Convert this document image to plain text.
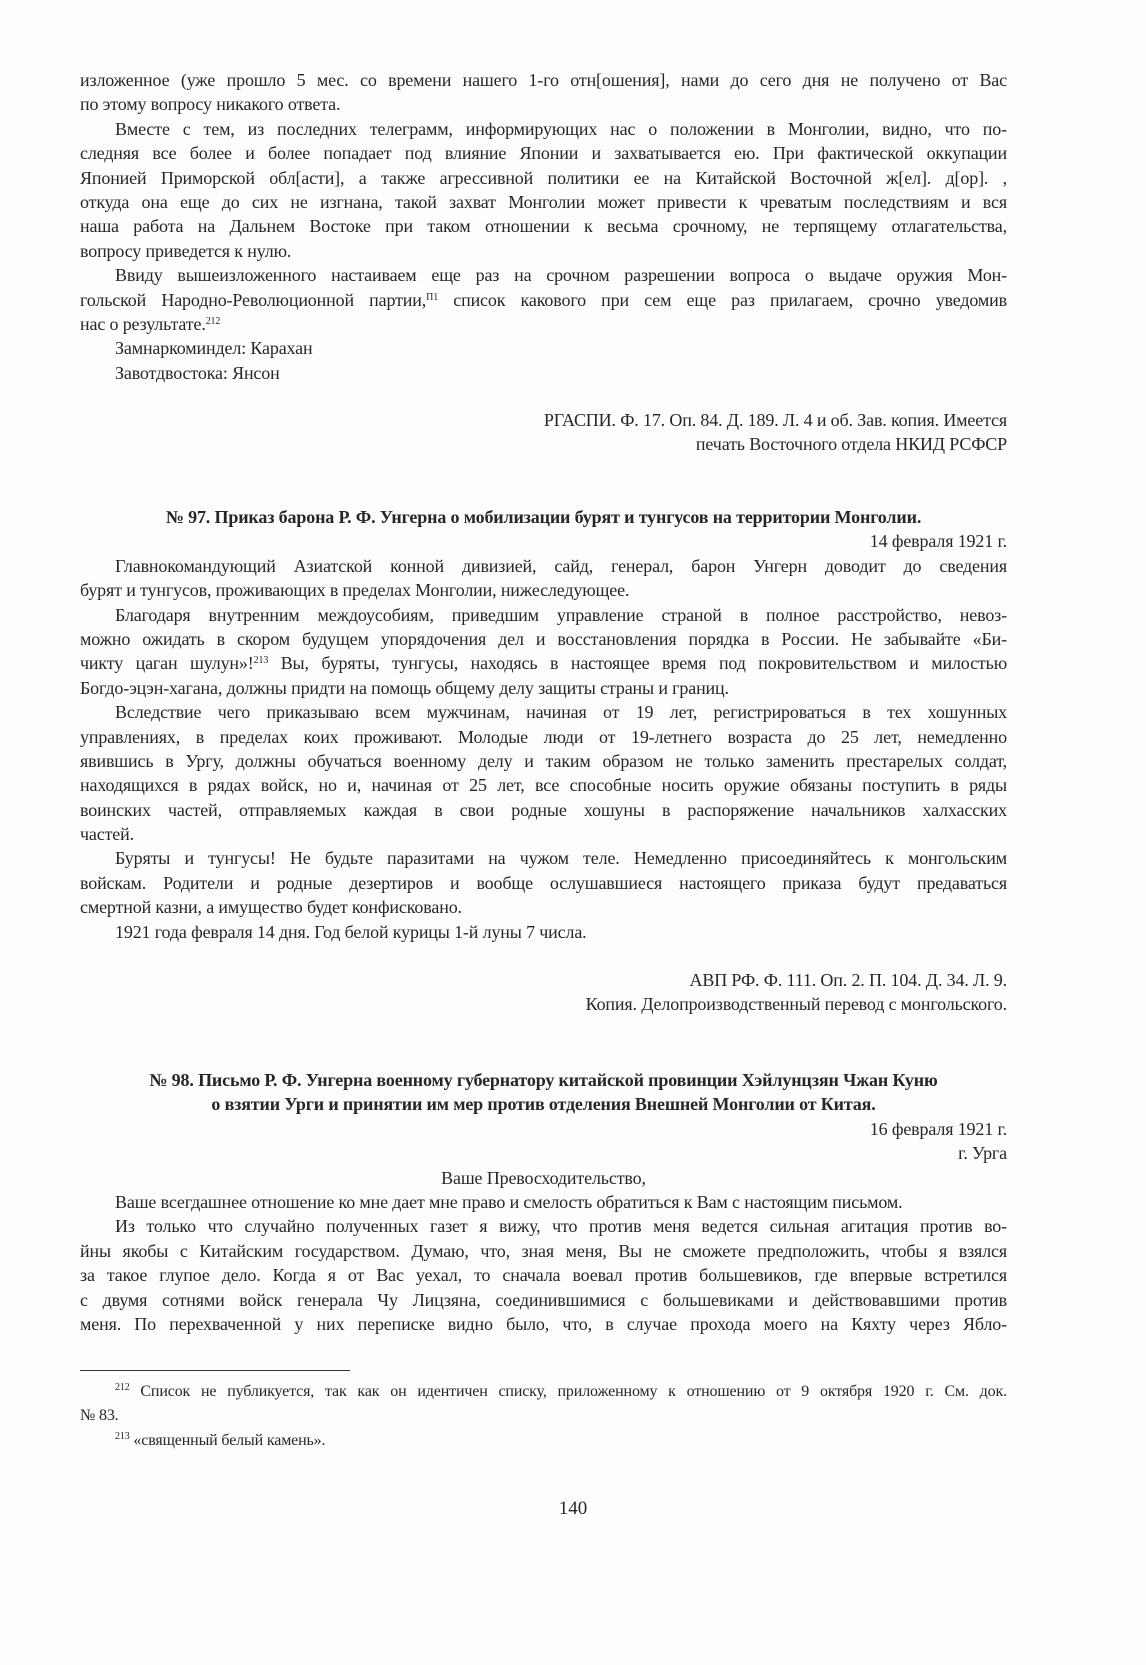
изложенное (уже прошло 5 мес. со времени нашего 1-го отн[ошения], нами до сего дня не получено от Вас
по этому вопросу никакого ответа.
Вместе с тем, из последних телеграмм, информирующих нас о положении в Монголии, видно, что по-
следняя все более и более попадает под влияние Японии и захватывается ею. При фактической оккупации
Японией Приморской обл[асти], а также агрессивной политики ее на Китайской Восточной ж[ел]. д[ор]. ,
откуда она еще до сих не изгнана, такой захват Монголии может привести к чреватым последствиям и вся
наша работа на Дальнем Востоке при таком отношении к весьма срочному, не терпящему отлагательства,
вопросу приведется к нулю.
Ввиду вышеизложенного настаиваем еще раз на срочном разрешении вопроса о выдаче оружия Мон-
гольской Народно-Революционной партии,$^{П1}$ список какового при сем еще раз прилагаем, срочно уведомив
нас о результате.$^{212}$
Замнаркоминдел: Карахан
Завотдвостока: Янсон
РГАСПИ. Ф. 17. Оп. 84. Д. 189. Л. 4 и об. Зав. копия. Имеется
печать Восточного отдела НКИД РСФСР
№ 97. Приказ барона Р. Ф. Унгерна о мобилизации бурят и тунгусов на территории Монголии.
14 февраля 1921 г.
Главнокомандующий Азиатской конной дивизией, сайд, генерал, барон Унгерн доводит до сведения
бурят и тунгусов, проживающих в пределах Монголии, нижеследующее.
Благодаря внутренним междоусобиям, приведшим управление страной в полное расстройство, невоз-
можно ожидать в скором будущем упорядочения дел и восстановления порядка в России. Не забывайте «Би-
чикту цаган шулун»!$^{213}$ Вы, буряты, тунгусы, находясь в настоящее время под покровительством и милостью
Богдо-эцэн-хагана, должны придти на помощь общему делу защиты страны и границ.
Вследствие чего приказываю всем мужчинам, начиная от 19 лет, регистрироваться в тех хошунных
управлениях, в пределах коих проживают. Молодые люди от 19-летнего возраста до 25 лет, немедленно
явившись в Ургу, должны обучаться военному делу и таким образом не только заменить престарелых солдат,
находящихся в рядах войск, но и, начиная от 25 лет, все способные носить оружие обязаны поступить в ряды
воинских частей, отправляемых каждая в свои родные хошуны в распоряжение начальников халхасских
частей.
Буряты и тунгусы! Не будьте паразитами на чужом теле. Немедленно присоединяйтесь к монгольским
войскам. Родители и родные дезертиров и вообще ослушавшиеся настоящего приказа будут предаваться
смертной казни, а имущество будет конфисковано.
1921 года февраля 14 дня. Год белой курицы 1-й луны 7 числа.
АВП РФ. Ф. 111. Оп. 2. П. 104. Д. 34. Л. 9.
Копия. Делопроизводственный перевод с монгольского.
№ 98. Письмо Р. Ф. Унгерна военному губернатору китайской провинции Хэйлунцзян Чжан Куню
о взятии Урги и принятии им мер против отделения Внешней Монголии от Китая.
16 февраля 1921 г.
г. Урга
Ваше Превосходительство,
Ваше всегдашнее отношение ко мне дает мне право и смелость обратиться к Вам с настоящим письмом.
Из только что случайно полученных газет я вижу, что против меня ведется сильная агитация против во-
йны якобы с Китайским государством. Думаю, что, зная меня, Вы не сможете предположить, чтобы я взялся
за такое глупое дело. Когда я от Вас уехал, то сначала воевал против большевиков, где впервые встретился
с двумя сотнями войск генерала Чу Лицзяна, соединившимися с большевиками и действовавшими против
меня. По перехваченной у них переписке видно было, что, в случае прохода моего на Кяхту через Ябло-
$^{212}$ Список не публикуется, так как он идентичен списку, приложенному к отношению от 9 октября 1920 г. См. док.
№ 83.
$^{213}$ «священный белый камень».
140
